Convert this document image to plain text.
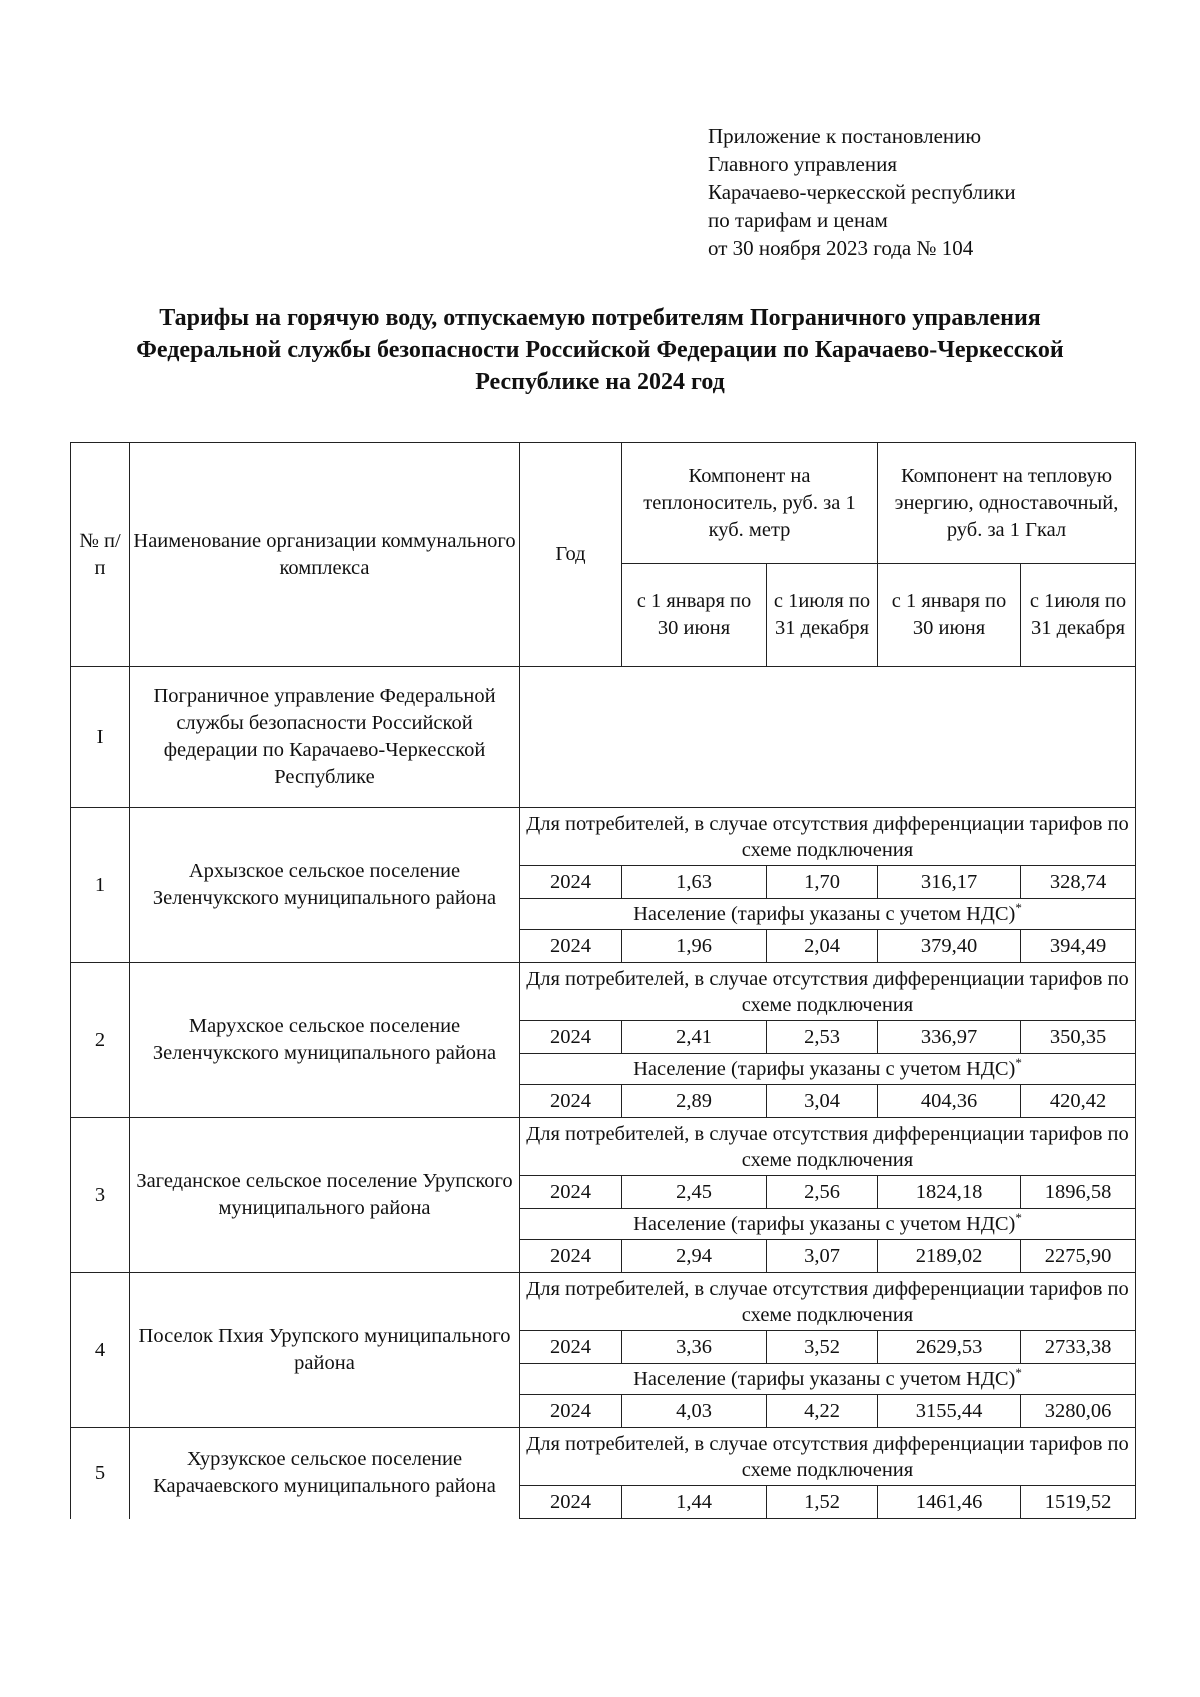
Приложение к постановлению
Главного управления
Карачаево-черкесской республики
по тарифам и ценам
от 30 ноября 2023 года № 104
Тарифы на горячую воду, отпускаемую потребителям Пограничного управления Федеральной службы безопасности Российской Федерации по Карачаево-Черкесской Республике на 2024 год
№ п/п	Наименование организации коммунального комплекса	Год	Компонент на теплоноситель, руб. за 1 куб. метр		Компонент на тепловую энергию, одноставочный, руб. за 1 Гкал	
			с 1 января по 30 июня	с 1июля по 31 декабря	с 1 января по 30 июня	с 1июля по 31 декабря
I	Пограничное управление Федеральной службы безопасности Российской федерации по Карачаево-Черкесской Республике					
1	Архызское сельское поселение Зеленчукского муниципального района	Для потребителей, в случае отсутствия дифференциации тарифов по схеме подключения				
		2024	1,63	1,70	316,17	328,74
		Население (тарифы указаны с учетом НДС)*
		2024	1,96	2,04	379,40	394,49
2	Марухское сельское поселение Зеленчукского муниципального района	Для потребителей, в случае отсутствия дифференциации тарифов по схеме подключения				
		2024	2,41	2,53	336,97	350,35
		Население (тарифы указаны с учетом НДС)*
		2024	2,89	3,04	404,36	420,42
3	Загеданское сельское поселение Урупского муниципального района	Для потребителей, в случае отсутствия дифференциации тарифов по схеме подключения				
		2024	2,45	2,56	1824,18	1896,58
		Население (тарифы указаны с учетом НДС)*
		2024	2,94	3,07	2189,02	2275,90
4	Поселок Пхия Урупского муниципального района	Для потребителей, в случае отсутствия дифференциации тарифов по схеме подключения				
		2024	3,36	3,52	2629,53	2733,38
		Население (тарифы указаны с учетом НДС)*
		2024	4,03	4,22	3155,44	3280,06
5	Хурзукское сельское поселение Карачаевского муниципального района	Для потребителей, в случае отсутствия дифференциации тарифов по схеме подключения				
		2024	1,44	1,52	1461,46	1519,52
